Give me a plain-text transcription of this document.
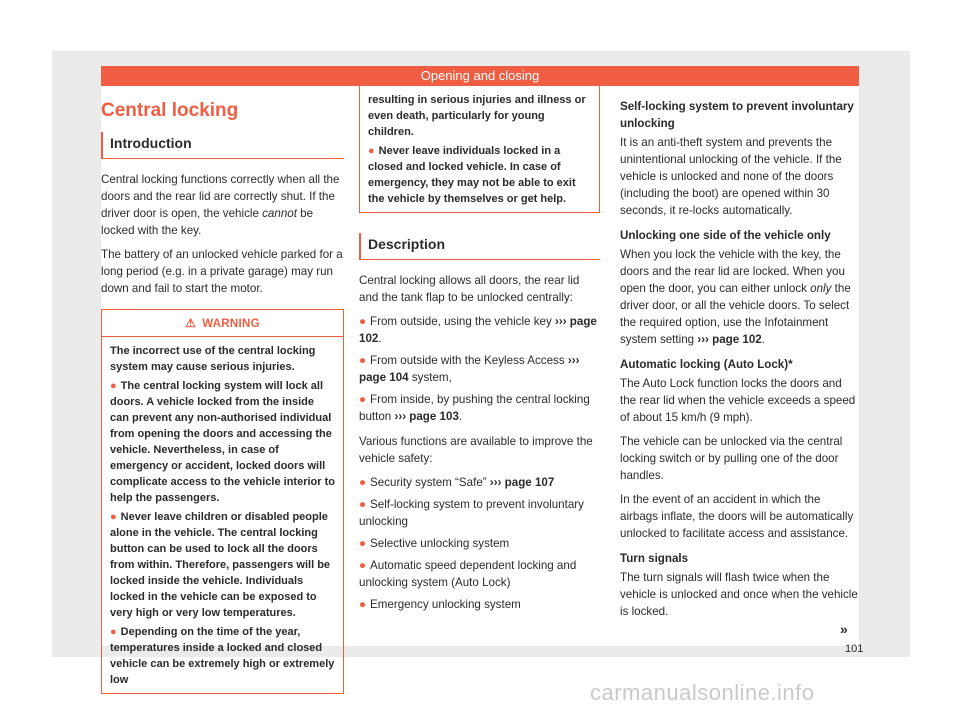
Opening and closing
Central locking
Introduction

Central locking functions correctly when all the doors and the rear lid are correctly shut. If the driver door is open, the vehicle cannot be locked with the key.

The battery of an unlocked vehicle parked for a long period (e.g. in a private garage) may run down and fail to start the motor.

⚠ WARNING
The incorrect use of the central locking system may cause serious injuries.
● The central locking system will lock all doors. A vehicle locked from the inside can prevent any non-authorised individual from opening the doors and accessing the vehicle. Nevertheless, in case of emergency or accident, locked doors will complicate access to the vehicle interior to help the passengers.
● Never leave children or disabled people alone in the vehicle. The central locking button can be used to lock all the doors from within. Therefore, passengers will be locked inside the vehicle. Individuals locked in the vehicle can be exposed to very high or very low temperatures.
● Depending on the time of the year, temperatures inside a locked and closed vehicle can be extremely high or extremely low
resulting in serious injuries and illness or even death, particularly for young children.
● Never leave individuals locked in a closed and locked vehicle. In case of emergency, they may not be able to exit the vehicle by themselves or get help.
Description

Central locking allows all doors, the rear lid and the tank flap to be unlocked centrally:

● From outside, using the vehicle key ››› page 102.
● From outside with the Keyless Access ››› page 104 system,
● From inside, by pushing the central locking button ››› page 103.

Various functions are available to improve the vehicle safety:

● Security system “Safe” ››› page 107
● Self-locking system to prevent involuntary unlocking
● Selective unlocking system
● Automatic speed dependent locking and unlocking system (Auto Lock)
● Emergency unlocking system
Self-locking system to prevent involuntary unlocking

It is an anti-theft system and prevents the unintentional unlocking of the vehicle. If the vehicle is unlocked and none of the doors (including the boot) are opened within 30 seconds, it re-locks automatically.

Unlocking one side of the vehicle only

When you lock the vehicle with the key, the doors and the rear lid are locked. When you open the door, you can either unlock only the driver door, or all the vehicle doors. To select the required option, use the Infotainment system setting ››› page 102.

Automatic locking (Auto Lock)*

The Auto Lock function locks the doors and the rear lid when the vehicle exceeds a speed of about 15 km/h (9 mph).

The vehicle can be unlocked via the central locking switch or by pulling one of the door handles.

In the event of an accident in which the airbags inflate, the doors will be automatically unlocked to facilitate access and assistance.

Turn signals

The turn signals will flash twice when the vehicle is unlocked and once when the vehicle is locked.

»
101
carmanualsonline.info
